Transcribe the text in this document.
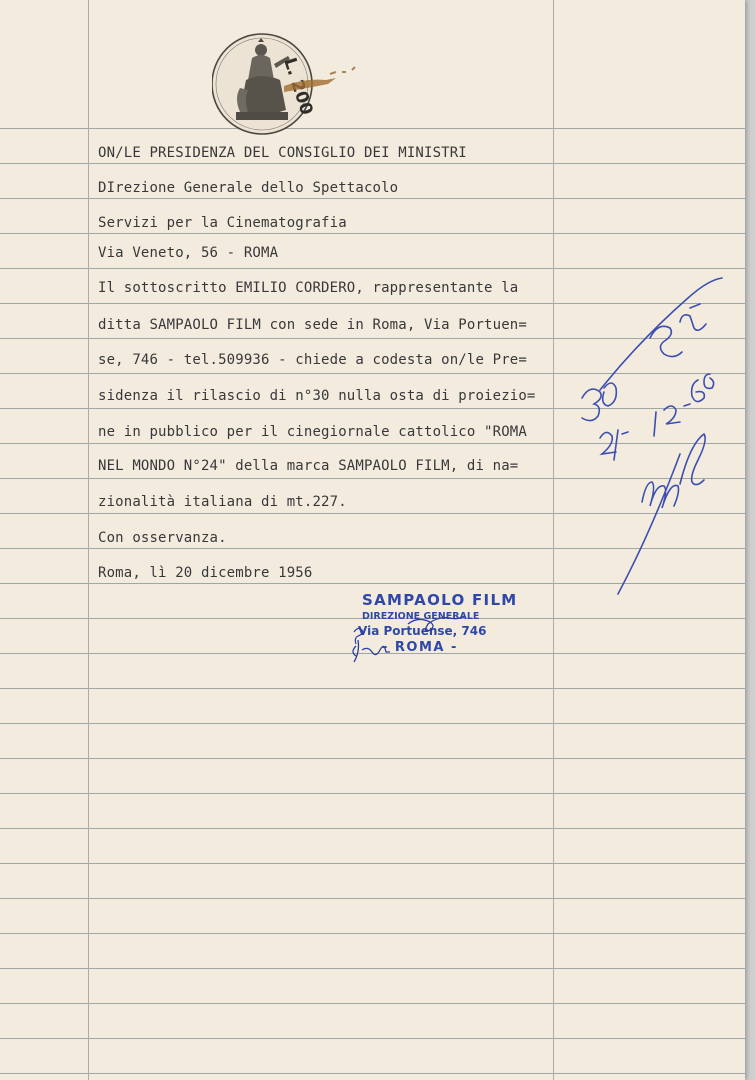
L. 200
ON/LE PRESIDENZA DEL CONSIGLIO DEI MINISTRI
DIrezione Generale dello Spettacolo
Servizi per la Cinematografia
Via Veneto, 56 - ROMA
Il sottoscritto EMILIO CORDERO, rappresentante la
ditta SAMPAOLO FILM con sede in Roma, Via Portuen=
se, 746 - tel.509936 - chiede a codesta on/le Pre=
sidenza il rilascio di n°30 nulla osta di proiezio=
ne in pubblico per il cinegiornale cattolico "ROMA
NEL MONDO N°24" della marca SAMPAOLO FILM, di na=
zionalità italiana di mt.227.
Con osservanza.
Roma, lì 20 dicembre 1956
SAMPAOLO FILM
DIREZIONE GENERALE
Via Portuense, 746
- ROMA -
